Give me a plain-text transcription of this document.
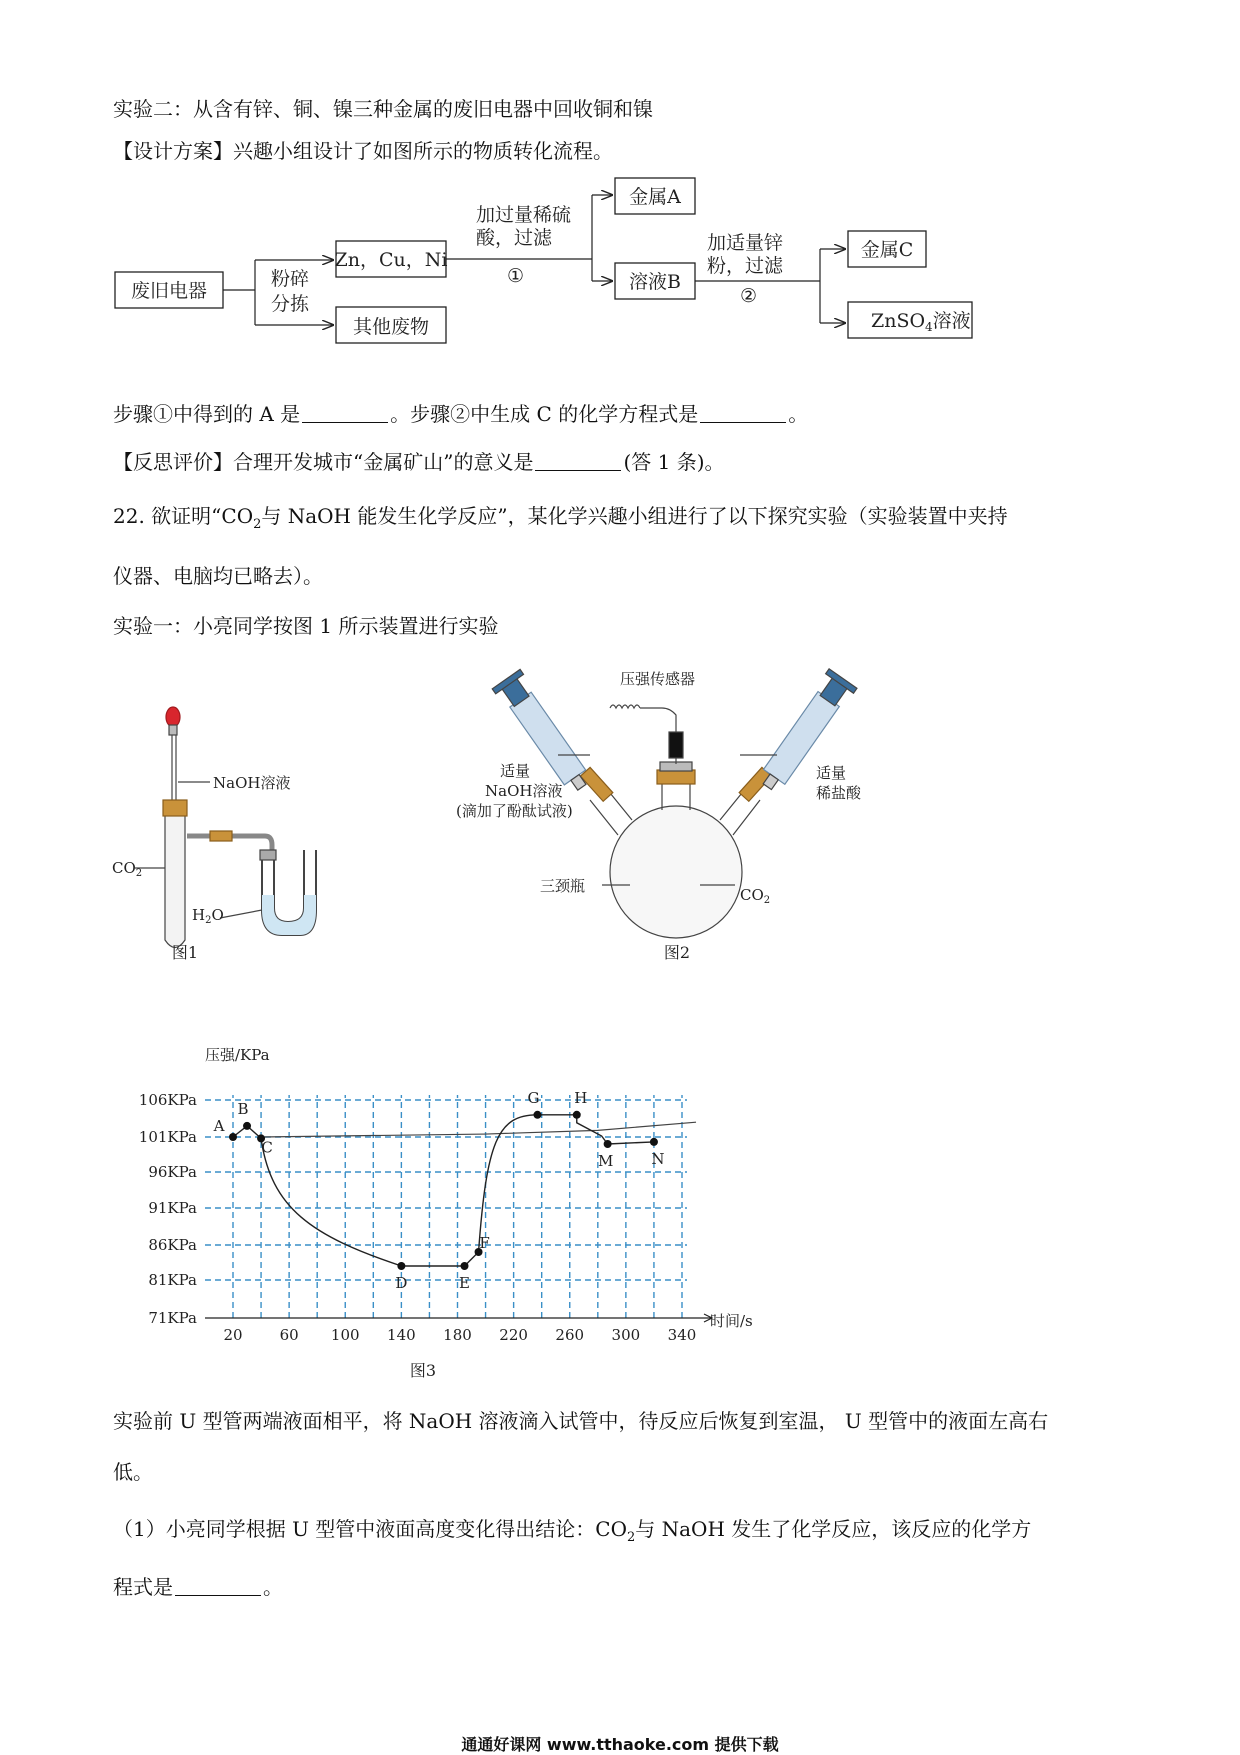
实验二：从含有锌、铜、镍三种金属的废旧电器中回收铜和镍
【设计方案】兴趣小组设计了如图所示的物质转化流程。
废旧电器
粉碎
分拣
Zn，Cu，Ni
其他废物
加过量稀硫
酸，过滤
①
金属A
溶液B
加适量锌
粉，过滤
②
金属C
ZnSO$_4$溶液
步骤①中得到的 A 是	。步骤②中生成 C 的化学方程式是	。
【反思评价】合理开发城市“金属矿山”的意义是	(答 1 条)。
22. 欲证明“$CO_2$与 NaOH 能发生化学反应”，某化学兴趣小组进行了以下探究实验（实验装置中夹持
仪器、电脑均已略去）。
实验一：小亮同学按图 1 所示装置进行实验
NaOH溶液
$CO_2$
$H_2O$
图1
压强传感器
适量
NaOH溶液
(滴加了酚酞试液)
适量
稀盐酸
三颈瓶	$CO_2$
图2
106KPa
101KPa
96KPa
91KPa
86KPa
81KPa
71KPa
20 60 100 140 180 220 260 300 340
A
B
C
D	E
F
G H
M	N
压强/KPa
时间/s
图3
实验前 U 型管两端液面相平，将 NaOH 溶液滴入试管中，待反应后恢复到室温， U 型管中的液面左高右
低。
（1）小亮同学根据 U 型管中液面高度变化得出结论：$CO_2$与 NaOH 发生了化学反应，该反应的化学方
程式是	。
通通好课网 www.tthaoke.com 提供下载
